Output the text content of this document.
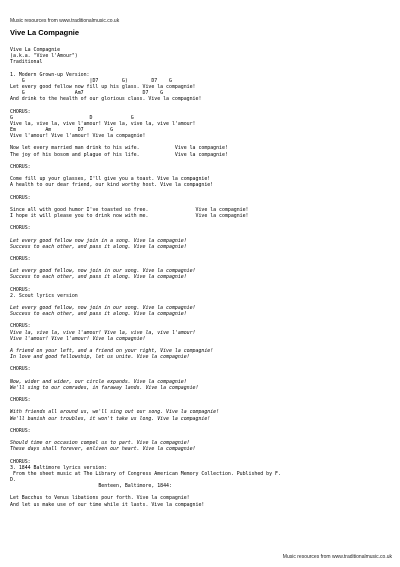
Music resources from www.traditionalmusic.co.uk
Vive La Compagnie
Vive La Compagnie
(a.k.a. "Vive l'Amour")
Traditional
1. Modern Grown-up Version:
G                      |D7        G)        D7    G
Let every good fellow now fill up his glass. Vive la compagnie!
G                 Am7                    D7    G
And drink to the health of our glorious class. Vive la compagnie!
CHORUS:
G                          D             G
Vive la, vive la, vive l'amour! Vive la, vive la, vive l'amour!
Em          Am         D7         G
Vive l'amour! Vive l'amour! Vive la compagnie!
Now let every married man drink to his wife.            Vive la compagnie!
The joy of his bosom and plague of his life.            Vive la compagnie!
CHORUS:
Come fill up your glasses, I'll give you a toast. Vive la compagnie!
A health to our dear friend, our kind worthy host. Vive la compagnie!
CHORUS:
Since all with good humor I've toasted so free.                Vive la compagnie!
I hope it will please you to drink now with me.                Vive la compagnie!
CHORUS:
Let every good fellow now join in a song. Vive la compagnie!
Success to each other, and pass it along. Vive la compagnie!
CHORUS:
Let every good fellow, now join in our song. Vive la compagnie!
Success to each other, and pass it along. Vive la compagnie!
CHORUS:
2. Scout lyrics version
Let every good fellow, now join in our song. Vive la compagnie!
Success to each other, and pass it along. Vive la compagnie!
CHORUS:
Vive la, vive la, vive l'amour! Vive la, vive la, vive l'amour!
Vive l'amour! Vive l'amour! Vive la compagnie!
A friend on your left, and a friend on your right, Vive la compagnie!
In love and good fellowship, let us unite. Vive la compagnie!
CHORUS:
Now, wider and wider, our circle expands. Vive la compagnie!
We'll sing to our comrades, in faraway lands. Vive la compagnie!
CHORUS:
With friends all around us, we'll sing out our song. Vive la compagnie!
We'll banish our troubles, it won't take us long. Vive la compagnie!
CHORUS:
Should time or occasion compel us to part. Vive la compagnie!
These days shall forever, enliven our heart. Vive la compagnie!
CHORUS:
3. 1844 Baltimore lyrics version:
From the sheet music at The Library of Congress American Memory Collection. Published by F.
D.
Benteen, Baltimore, 1844:
Let Bacchus to Venus libations pour forth. Vive la compagnie!
And let us make use of our time while it lasts. Vive la compagnie!
Music resources from www.traditionalmusic.co.uk
